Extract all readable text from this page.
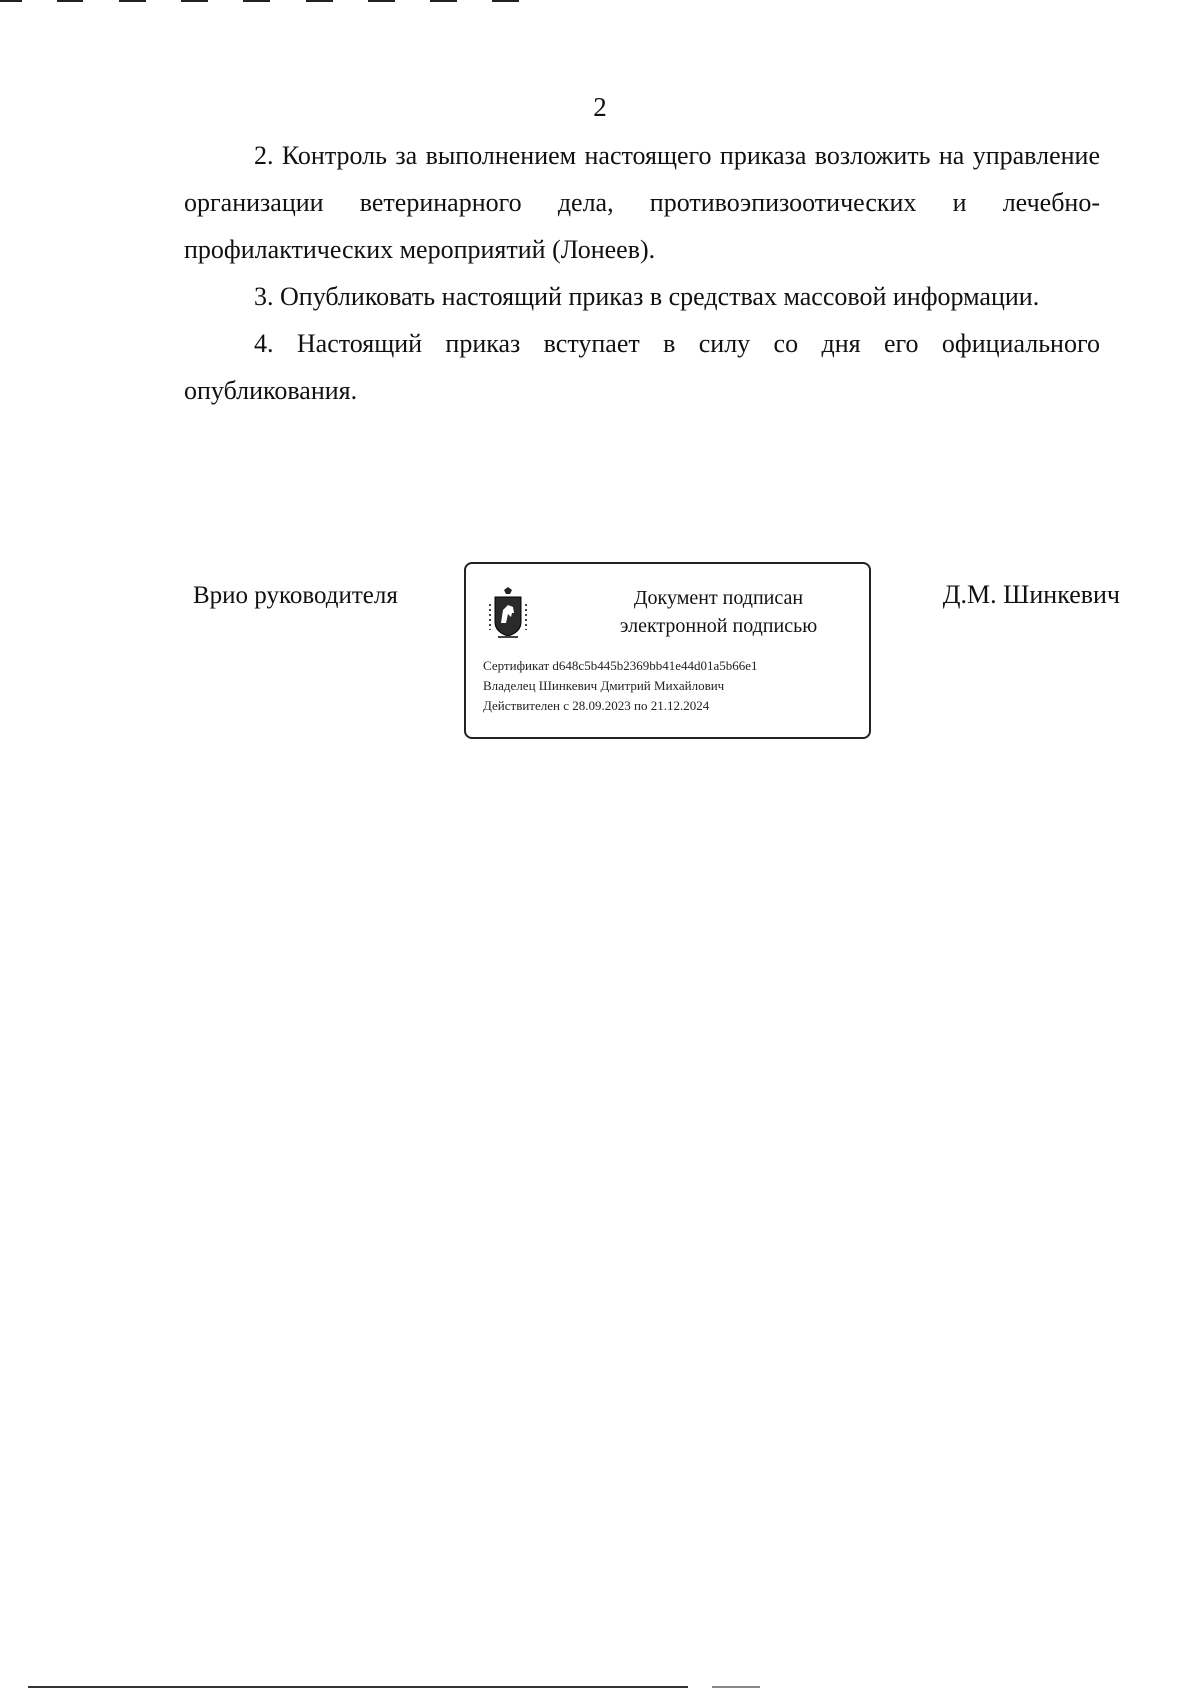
2

2. Контроль за выполнением настоящего приказа возложить на управление организации ветеринарного дела, противоэпизоотических и лечебно-профилактических мероприятий (Лонеев).

3. Опубликовать настоящий приказ в средствах массовой информации.

4. Настоящий приказ вступает в силу со дня его официального опубликования.

Врио руководителя	Документ подписан
электронной подписью
Сертификат d648c5b445b2369bb41e44d01a5b66e1
Владелец Шинкевич Дмитрий Михайлович
Действителен с 28.09.2023 по 21.12.2024
Д.М. Шинкевич
